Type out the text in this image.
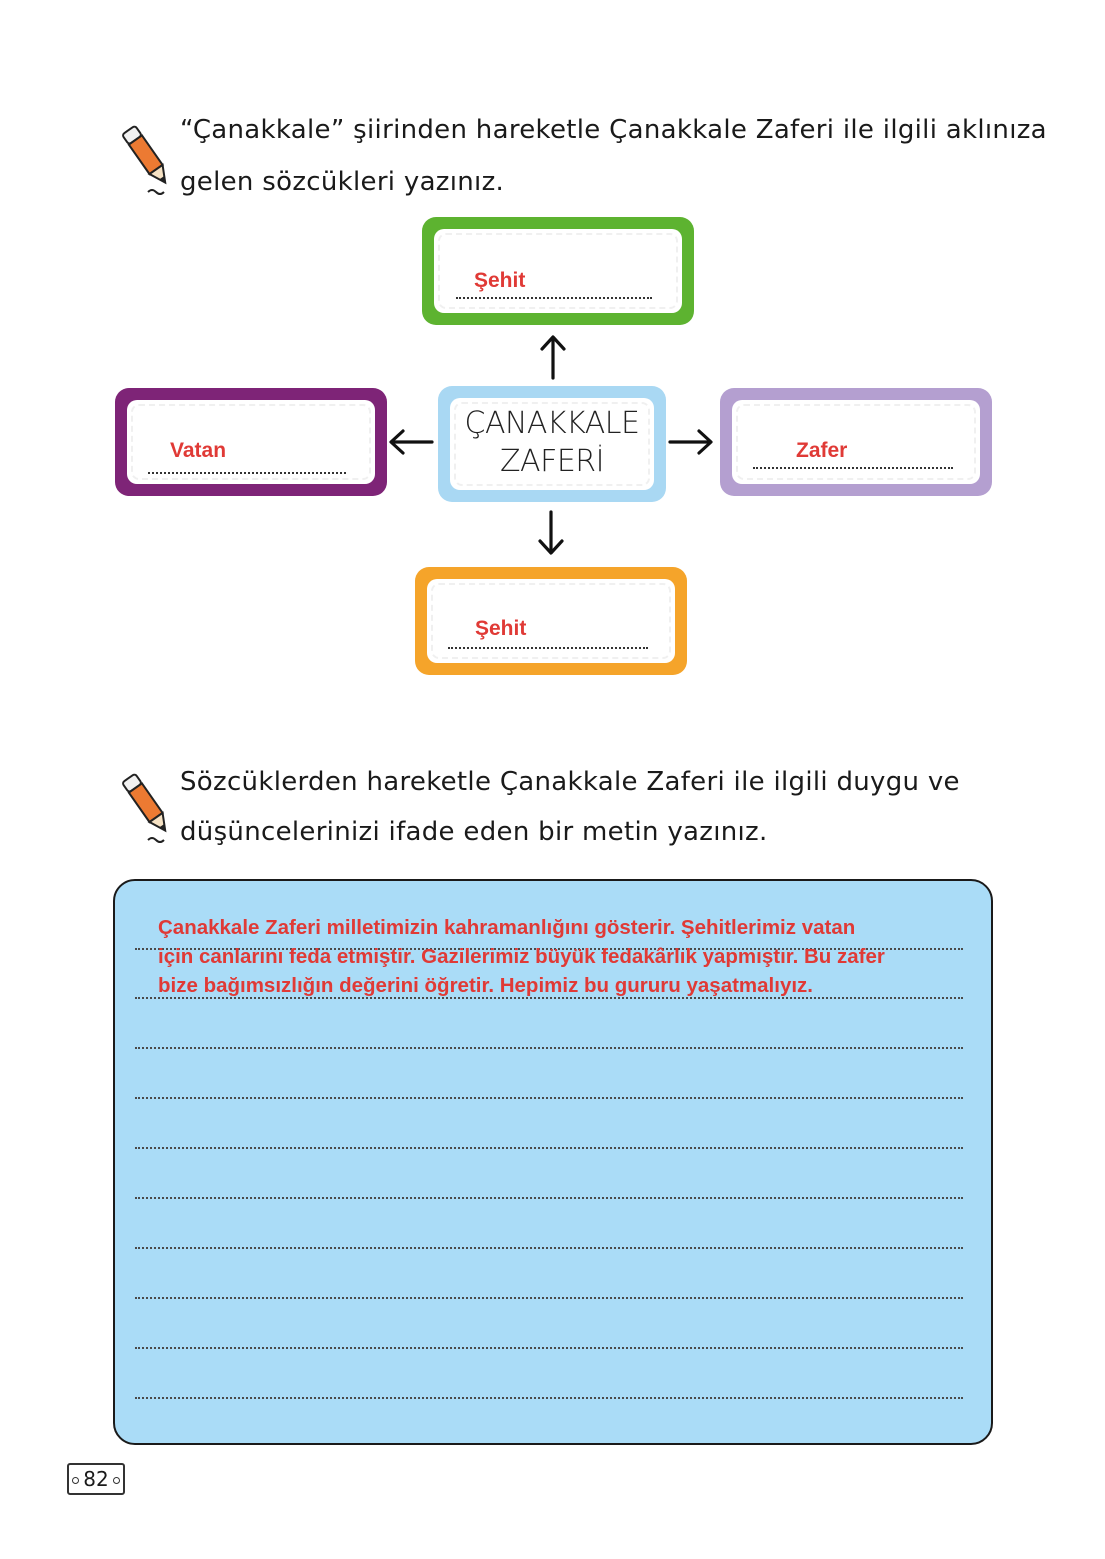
“Çanakkale” şiirinden hareketle Çanakkale Zaferi ile ilgili aklınıza
gelen sözcükleri yazınız.
Şehit
Vatan
ÇANAKKALE
ZAFERİ	Zafer
Şehit
Sözcüklerden hareketle Çanakkale Zaferi ile ilgili duygu ve
düşüncelerinizi ifade eden bir metin yazınız.
Çanakkale Zaferi milletimizin kahramanlığını gösterir. Şehitlerimiz vatan
için canlarını feda etmiştir. Gazilerimiz büyük fedakârlık yapmıştır. Bu zafer
bize bağımsızlığın değerini öğretir. Hepimiz bu gururu yaşatmalıyız.
82
